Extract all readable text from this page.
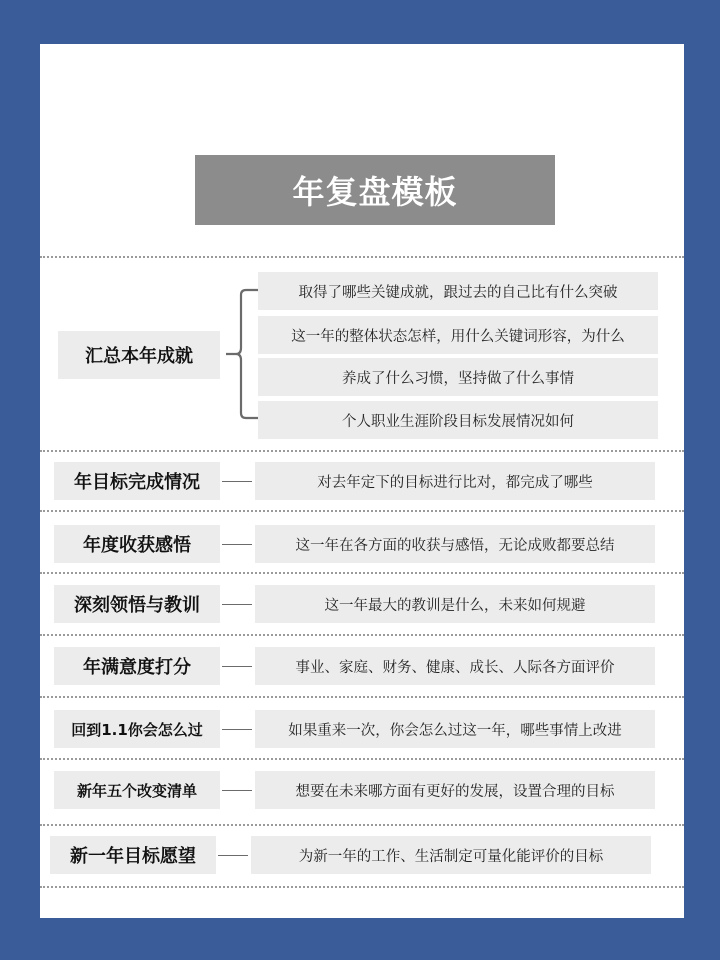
年复盘模板
汇总本年成就
取得了哪些关键成就，跟过去的自己比有什么突破
这一年的整体状态怎样，用什么关键词形容，为什么
养成了什么习惯，坚持做了什么事情
个人职业生涯阶段目标发展情况如何
年目标完成情况	对去年定下的目标进行比对，都完成了哪些
年度收获感悟	这一年在各方面的收获与感悟，无论成败都要总结
深刻领悟与教训	这一年最大的教训是什么，未来如何规避
年满意度打分	事业、家庭、财务、健康、成长、人际各方面评价
回到1.1你会怎么过	如果重来一次，你会怎么过这一年，哪些事情上改进
新年五个改变清单	想要在未来哪方面有更好的发展，设置合理的目标
新一年目标愿望	为新一年的工作、生活制定可量化能评价的目标
